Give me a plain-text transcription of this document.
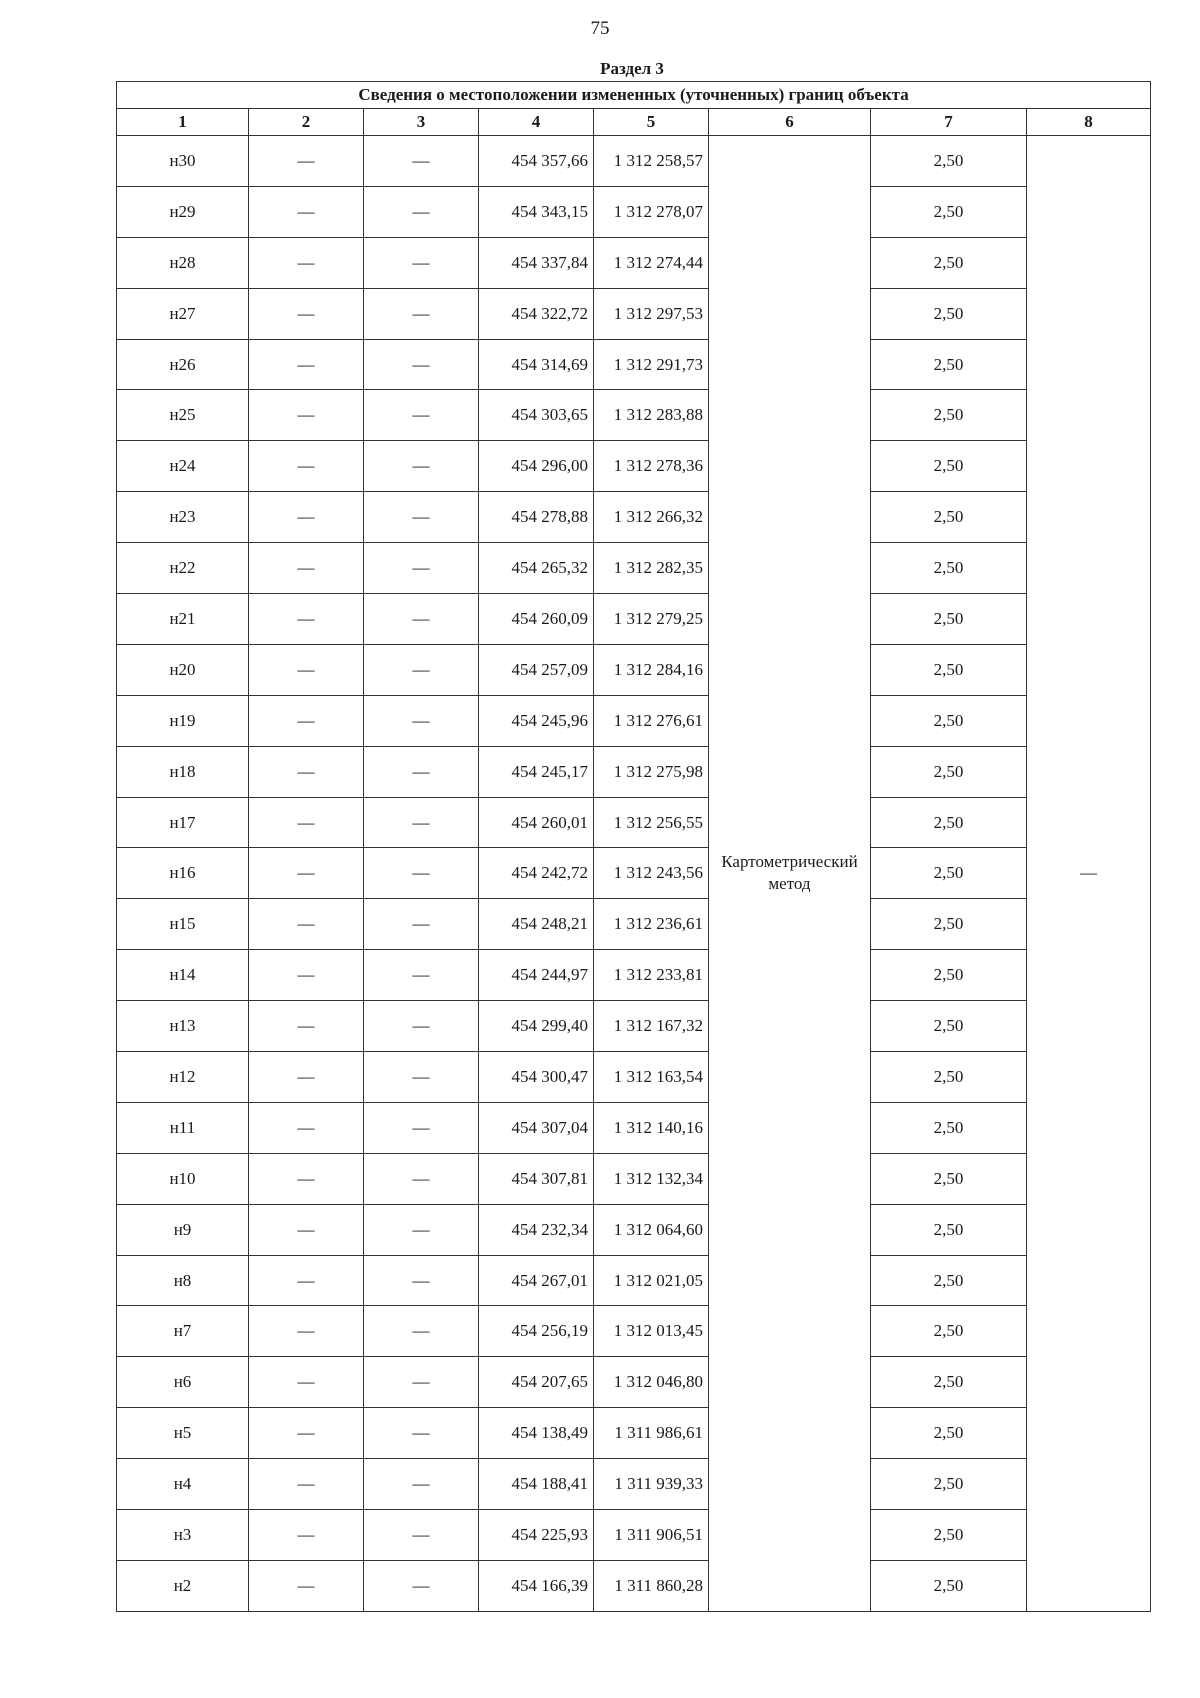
75
Раздел 3
Сведения о местоположении измененных (уточненных) границ объекта							
1	2	3	4	5	6	7	8
н30	—	—	454 357,66	1 312 258,57	Картометрический метод	2,50	—
н29	—	—	454 343,15	1 312 278,07		2,50	
н28	—	—	454 337,84	1 312 274,44		2,50	
н27	—	—	454 322,72	1 312 297,53		2,50	
н26	—	—	454 314,69	1 312 291,73		2,50	
н25	—	—	454 303,65	1 312 283,88		2,50	
н24	—	—	454 296,00	1 312 278,36		2,50	
н23	—	—	454 278,88	1 312 266,32		2,50	
н22	—	—	454 265,32	1 312 282,35		2,50	
н21	—	—	454 260,09	1 312 279,25		2,50	
н20	—	—	454 257,09	1 312 284,16		2,50	
н19	—	—	454 245,96	1 312 276,61		2,50	
н18	—	—	454 245,17	1 312 275,98		2,50	
н17	—	—	454 260,01	1 312 256,55		2,50	
н16	—	—	454 242,72	1 312 243,56		2,50	
н15	—	—	454 248,21	1 312 236,61		2,50	
н14	—	—	454 244,97	1 312 233,81		2,50	
н13	—	—	454 299,40	1 312 167,32		2,50	
н12	—	—	454 300,47	1 312 163,54		2,50	
н11	—	—	454 307,04	1 312 140,16		2,50	
н10	—	—	454 307,81	1 312 132,34		2,50	
н9	—	—	454 232,34	1 312 064,60		2,50	
н8	—	—	454 267,01	1 312 021,05		2,50	
н7	—	—	454 256,19	1 312 013,45		2,50	
н6	—	—	454 207,65	1 312 046,80		2,50	
н5	—	—	454 138,49	1 311 986,61		2,50	
н4	—	—	454 188,41	1 311 939,33		2,50	
н3	—	—	454 225,93	1 311 906,51		2,50	
н2	—	—	454 166,39	1 311 860,28		2,50	
